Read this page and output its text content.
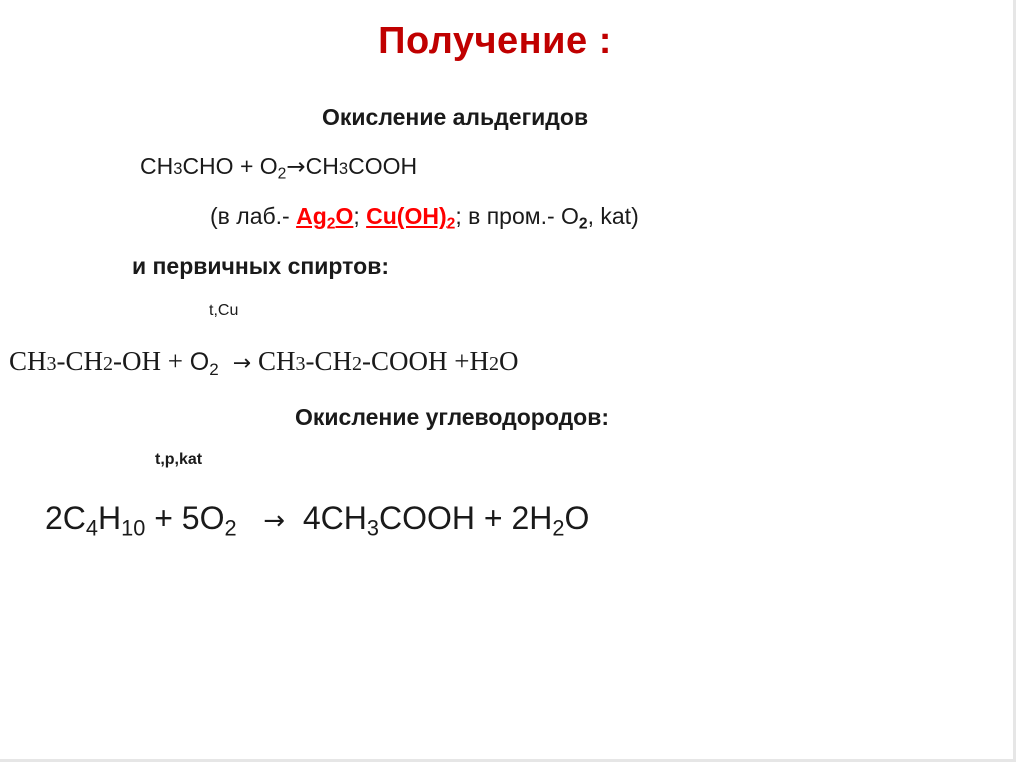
Получение :
Окисление альдегидов
$CH3CHO + O_2\to CH3COOH$
(в лаб.- $Ag_2O$; $Cu(OH)_2$; в пром.- $O_2$, kat)
и первичных спиртов:
t,Cu
$CH3-CH2-OH + O_2$ → CH3-CH2-COOH +H2O
Окисление углеводородов:
t,p,kat
$2C_4H_{10} + 5O_2$ → $4CH_3COOH + 2H_2O$
